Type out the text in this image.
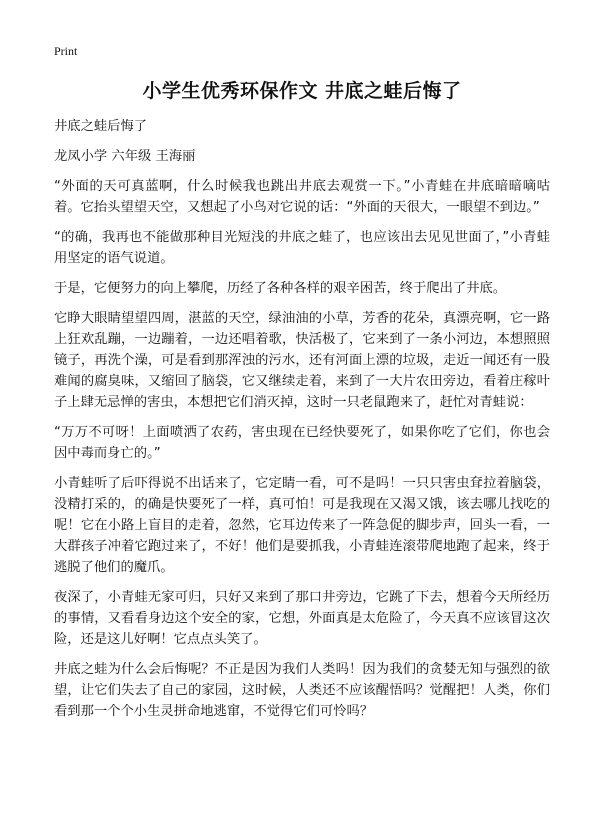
Print
小学生优秀环保作文 井底之蛙后悔了
井底之蛙后悔了
龙凤小学 六年级 王海丽

“外面的天可真蓝啊，什么时候我也跳出井底去观赏一下。”小青蛙在井底暗暗嘀咕着。它抬头望望天空，又想起了小鸟对它说的话：“外面的天很大，一眼望不到边。”

“的确，我再也不能做那种目光短浅的井底之蛙了，也应该出去见见世面了，”小青蛙用坚定的语气说道。

于是，它便努力的向上攀爬，历经了各种各样的艰辛困苦，终于爬出了井底。

它睁大眼睛望望四周，湛蓝的天空，绿油油的小草，芳香的花朵，真漂亮啊，它一路上狂欢乱蹦，一边蹦着，一边还唱着歌，快活极了，它来到了一条小河边，本想照照镜子，再洗个澡，可是看到那浑浊的污水，还有河面上漂的垃圾，走近一闻还有一股难闻的腐臭味，又缩回了脑袋，它又继续走着，来到了一大片农田旁边，看着庄稼叶子上肆无忌惮的害虫，本想把它们消灭掉，这时一只老鼠跑来了，赶忙对青蛙说：

“万万不可呀！上面喷洒了农药，害虫现在已经快要死了，如果你吃了它们，你也会因中毒而身亡的。”

小青蛙听了后吓得说不出话来了，它定睛一看，可不是吗！一只只害虫耷拉着脑袋，没精打采的，的确是快要死了一样，真可怕！可是我现在又渴又饿，该去哪儿找吃的呢！它在小路上盲目的走着，忽然，它耳边传来了一阵急促的脚步声，回头一看，一大群孩子冲着它跑过来了，不好！他们是要抓我，小青蛙连滚带爬地跑了起来，终于逃脱了他们的魔爪。

夜深了，小青蛙无家可归，只好又来到了那口井旁边，它跳了下去，想着今天所经历的事情，又看看身边这个安全的家，它想，外面真是太危险了，今天真不应该冒这次险，还是这儿好啊！它点点头笑了。

井底之蛙为什么会后悔呢？不正是因为我们人类吗！因为我们的贪婪无知与强烈的欲望，让它们失去了自己的家园，这时候，人类还不应该醒悟吗？觉醒把！人类，你们看到那一个个小生灵拼命地逃窜，不觉得它们可怜吗？
